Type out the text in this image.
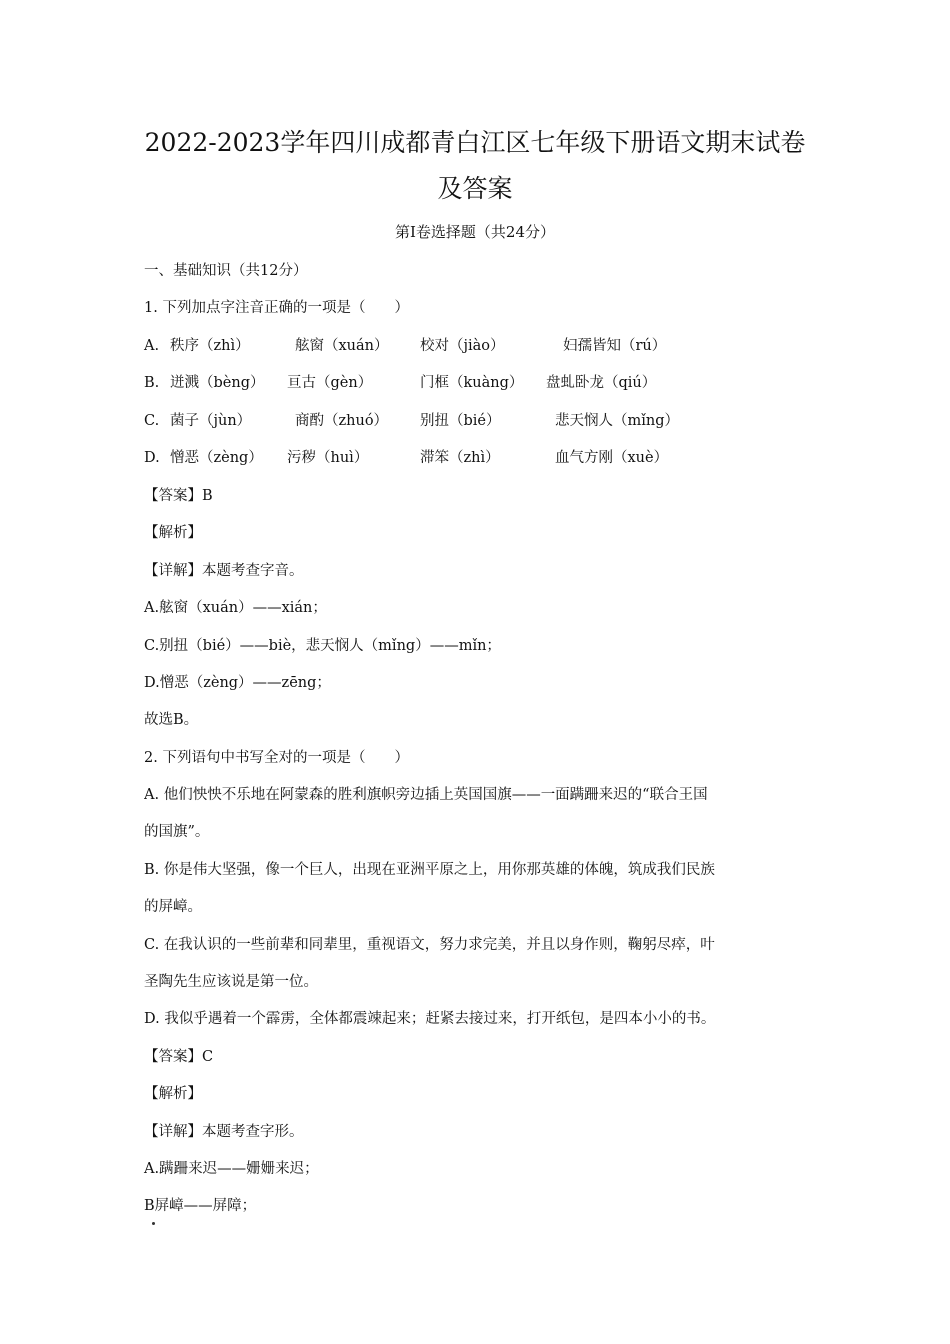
2022-2023学年四川成都青白江区七年级下册语文期末试卷
及答案
第Ⅰ卷选择题（共24分）
一、基础知识（共12分）
1. 下列加点字注音正确的一项是（　　）
A. 秩序（zhì）	舷窗（xuán） 校对（jiào）	妇孺皆知（rú）
B. 迸溅（bèng） 亘古（gèn）	门框（kuàng） 盘虬卧龙（qiú）
C. 菌子（jùn）	商酌（zhuó） 别扭（bié）	悲天悯人（mǐng）
D. 憎恶（zèng） 污秽（huì）	滞笨（zhì）	血气方刚（xuè）
【答案】B
【解析】
【详解】本题考查字音。
A.舷窗（xuán）——xián；
C.别扭（bié）——biè，悲天悯人（mǐng）——mǐn；
D.憎恶（zèng）——zēng；
故选B。
2. 下列语句中书写全对的一项是（　　）
A. 他们怏怏不乐地在阿蒙森的胜利旗帜旁边插上英国国旗——一面蹒跚来迟的“联合王国
的国旗”。
B. 你是伟大坚强，像一个巨人，出现在亚洲平原之上，用你那英雄的体魄，筑成我们民族
的屏嶂。
C. 在我认识的一些前辈和同辈里，重视语文，努力求完美，并且以身作则，鞠躬尽瘁，叶
圣陶先生应该说是第一位。
D. 我似乎遇着一个霹雳，全体都震竦起来；赶紧去接过来，打开纸包，是四本小小的书。
【答案】C
【解析】
【详解】本题考查字形。
A.蹒跚来迟——姗姗来迟；
B屏嶂——屏障；
